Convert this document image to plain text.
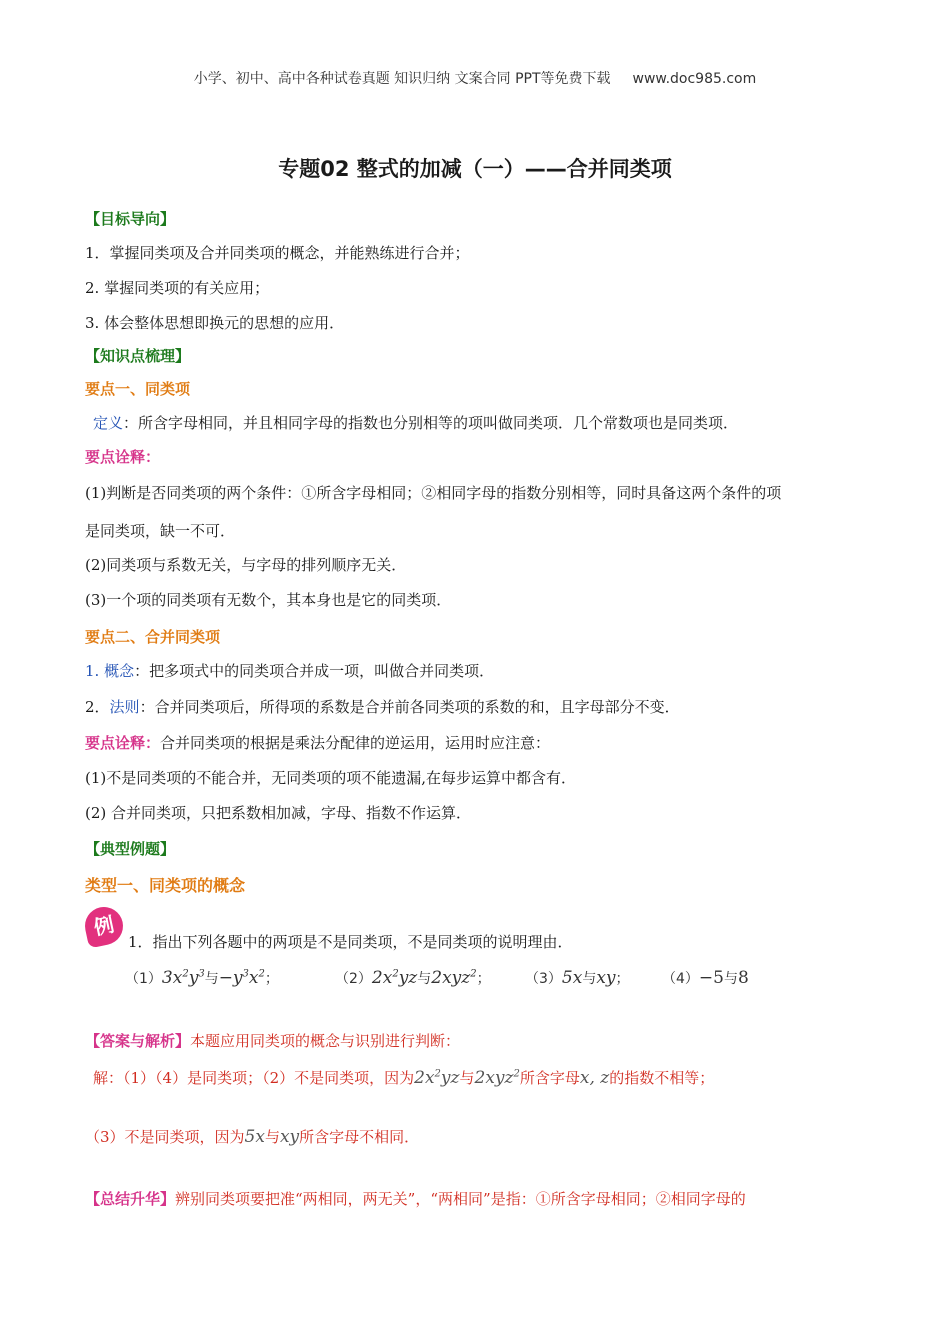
小学、初中、高中各种试卷真题 知识归纳 文案合同 PPT等免费下载 www.doc985.com
专题02 整式的加减（一）——合并同类项
【目标导向】
1．掌握同类项及合并同类项的概念，并能熟练进行合并；
2. 掌握同类项的有关应用；
3. 体会整体思想即换元的思想的应用．
【知识点梳理】
要点一、同类项
定义：所含字母相同，并且相同字母的指数也分别相等的项叫做同类项．几个常数项也是同类项．
要点诠释：
(1)判断是否同类项的两个条件：①所含字母相同；②相同字母的指数分别相等，同时具备这两个条件的项
是同类项，缺一不可．
(2)同类项与系数无关，与字母的排列顺序无关．
(3)一个项的同类项有无数个，其本身也是它的同类项．
要点二、合并同类项
1. 概念：把多项式中的同类项合并成一项，叫做合并同类项．
2．法则：合并同类项后，所得项的系数是合并前各同类项的系数的和，且字母部分不变．
要点诠释：合并同类项的根据是乘法分配律的逆运用，运用时应注意：
(1)不是同类项的不能合并，无同类项的项不能遗漏,在每步运算中都含有．
(2) 合并同类项，只把系数相加减，字母、指数不作运算．
【典型例题】
类型一、同类项的概念
例
1．指出下列各题中的两项是不是同类项，不是同类项的说明理由．
$(1)3x^2y^3$与$-y^3x^2$；	$(2)2x^2yz$与2xyz$^2$； （3）5x与xy； （4）−5与8
【答案与解析】本题应用同类项的概念与识别进行判断：
解：（1）（4）是同类项；（2）不是同类项，因为$2x^2yz$与2xyz$^2$所含字母x, z的指数不相等；
（3）不是同类项，因为5x与xy所含字母不相同．
【总结升华】辨别同类项要把准“两相同，两无关”，“两相同”是指：①所含字母相同；②相同字母的
